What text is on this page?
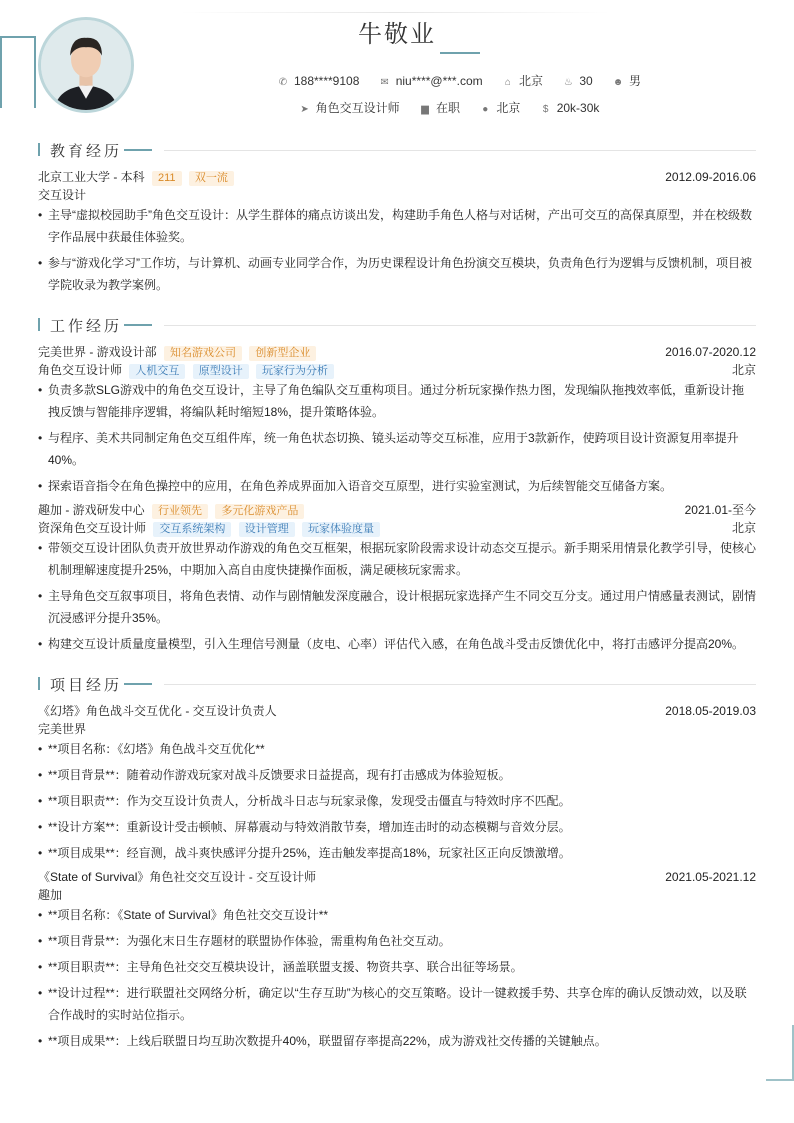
牛敬业
✆ 188****9108 ✉ niu****@***.com ⌂ 北京 ♨ 30 ☻ 男
➤ 角色交互设计师 ▆ 在职 ● 北京 $ 20k-30k
教育经历
北京工业大学 - 本科 211 双一流	2012.09-2016.06
交互设计
• 主导“虚拟校园助手”角色交互设计：从学生群体的痛点访谈出发，构建助手角色人格与对话树，产出可交互的高保真原型，并在校级数字作品展中获最佳体验奖。
• 参与“游戏化学习”工作坊，与计算机、动画专业同学合作，为历史课程设计角色扮演交互模块，负责角色行为逻辑与反馈机制，项目被学院收录为教学案例。
工作经历
完美世界 - 游戏设计部 知名游戏公司 创新型企业	2016.07-2020.12
角色交互设计师 人机交互 原型设计 玩家行为分析	北京
• 负责多款SLG游戏中的角色交互设计，主导了角色编队交互重构项目。通过分析玩家操作热力图，发现编队拖拽效率低，重新设计拖拽反馈与智能排序逻辑，将编队耗时缩短18%，提升策略体验。
• 与程序、美术共同制定角色交互组件库，统一角色状态切换、镜头运动等交互标准，应用于3款新作，使跨项目设计资源复用率提升40%。
• 探索语音指令在角色操控中的应用，在角色养成界面加入语音交互原型，进行实验室测试，为后续智能交互储备方案。
趣加 - 游戏研发中心 行业领先 多元化游戏产品	2021.01-至今
资深角色交互设计师 交互系统架构 设计管理 玩家体验度量	北京
• 带领交互设计团队负责开放世界动作游戏的角色交互框架，根据玩家阶段需求设计动态交互提示。新手期采用情景化教学引导，使核心机制理解速度提升25%，中期加入高自由度快捷操作面板，满足硬核玩家需求。
• 主导角色交互叙事项目，将角色表情、动作与剧情触发深度融合，设计根据玩家选择产生不同交互分支。通过用户情感量表测试，剧情沉浸感评分提升35%。
• 构建交互设计质量度量模型，引入生理信号测量（皮电、心率）评估代入感，在角色战斗受击反馈优化中，将打击感评分提高20%。
项目经历
《幻塔》角色战斗交互优化 - 交互设计负责人	2018.05-2019.03
完美世界
• **项目名称：《幻塔》角色战斗交互优化**
• **项目背景**：随着动作游戏玩家对战斗反馈要求日益提高，现有打击感成为体验短板。
• **项目职责**：作为交互设计负责人，分析战斗日志与玩家录像，发现受击僵直与特效时序不匹配。
• **设计方案**：重新设计受击顿帧、屏幕震动与特效消散节奏，增加连击时的动态模糊与音效分层。
• **项目成果**：经盲测，战斗爽快感评分提升25%，连击触发率提高18%，玩家社区正向反馈激增。
《State of Survival》角色社交交互设计 - 交互设计师	2021.05-2021.12
趣加
• **项目名称：《State of Survival》角色社交交互设计**
• **项目背景**：为强化末日生存题材的联盟协作体验，需重构角色社交互动。
• **项目职责**：主导角色社交交互模块设计，涵盖联盟支援、物资共享、联合出征等场景。
• **设计过程**：进行联盟社交网络分析，确定以“生存互助”为核心的交互策略。设计一键救援手势、共享仓库的确认反馈动效，以及联合作战时的实时站位指示。
• **项目成果**：上线后联盟日均互助次数提升40%，联盟留存率提高22%，成为游戏社交传播的关键触点。
